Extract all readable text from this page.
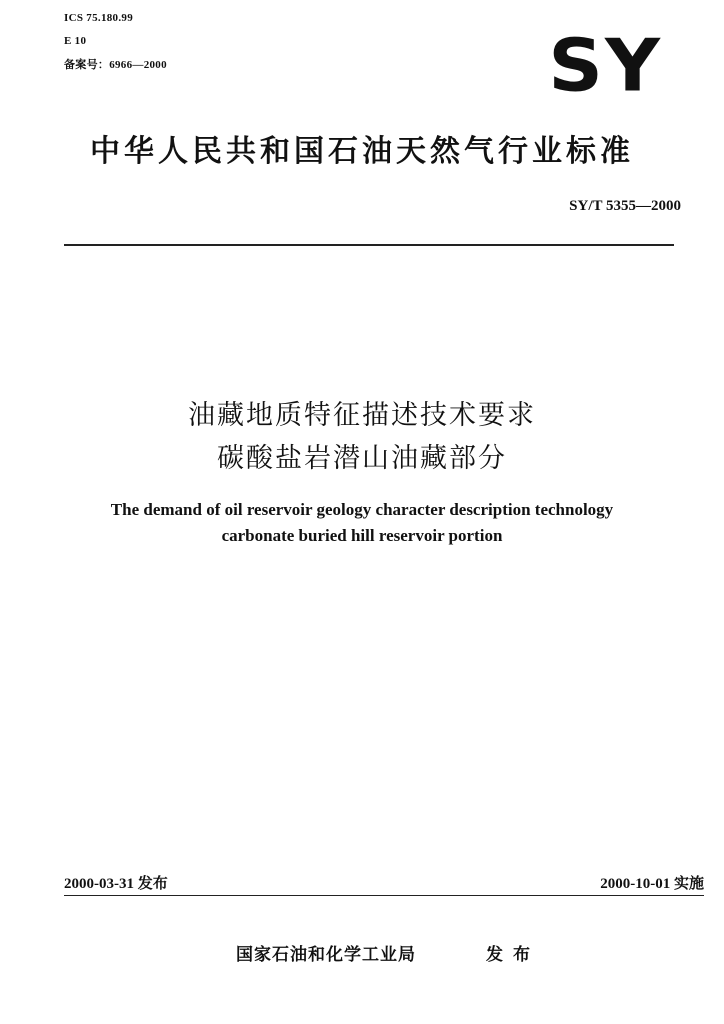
ICS 75.180.99
E 10
备案号：6966—2000	SY
中华人民共和国石油天然气行业标准
SY/T 5355—2000
油藏地质特征描述技术要求
碳酸盐岩潜山油藏部分
The demand of oil reservoir geology character description technology
carbonate buried hill reservoir portion
2000-03-31 发布	2000-10-01 实施
国家石油和化学工业局	发布
